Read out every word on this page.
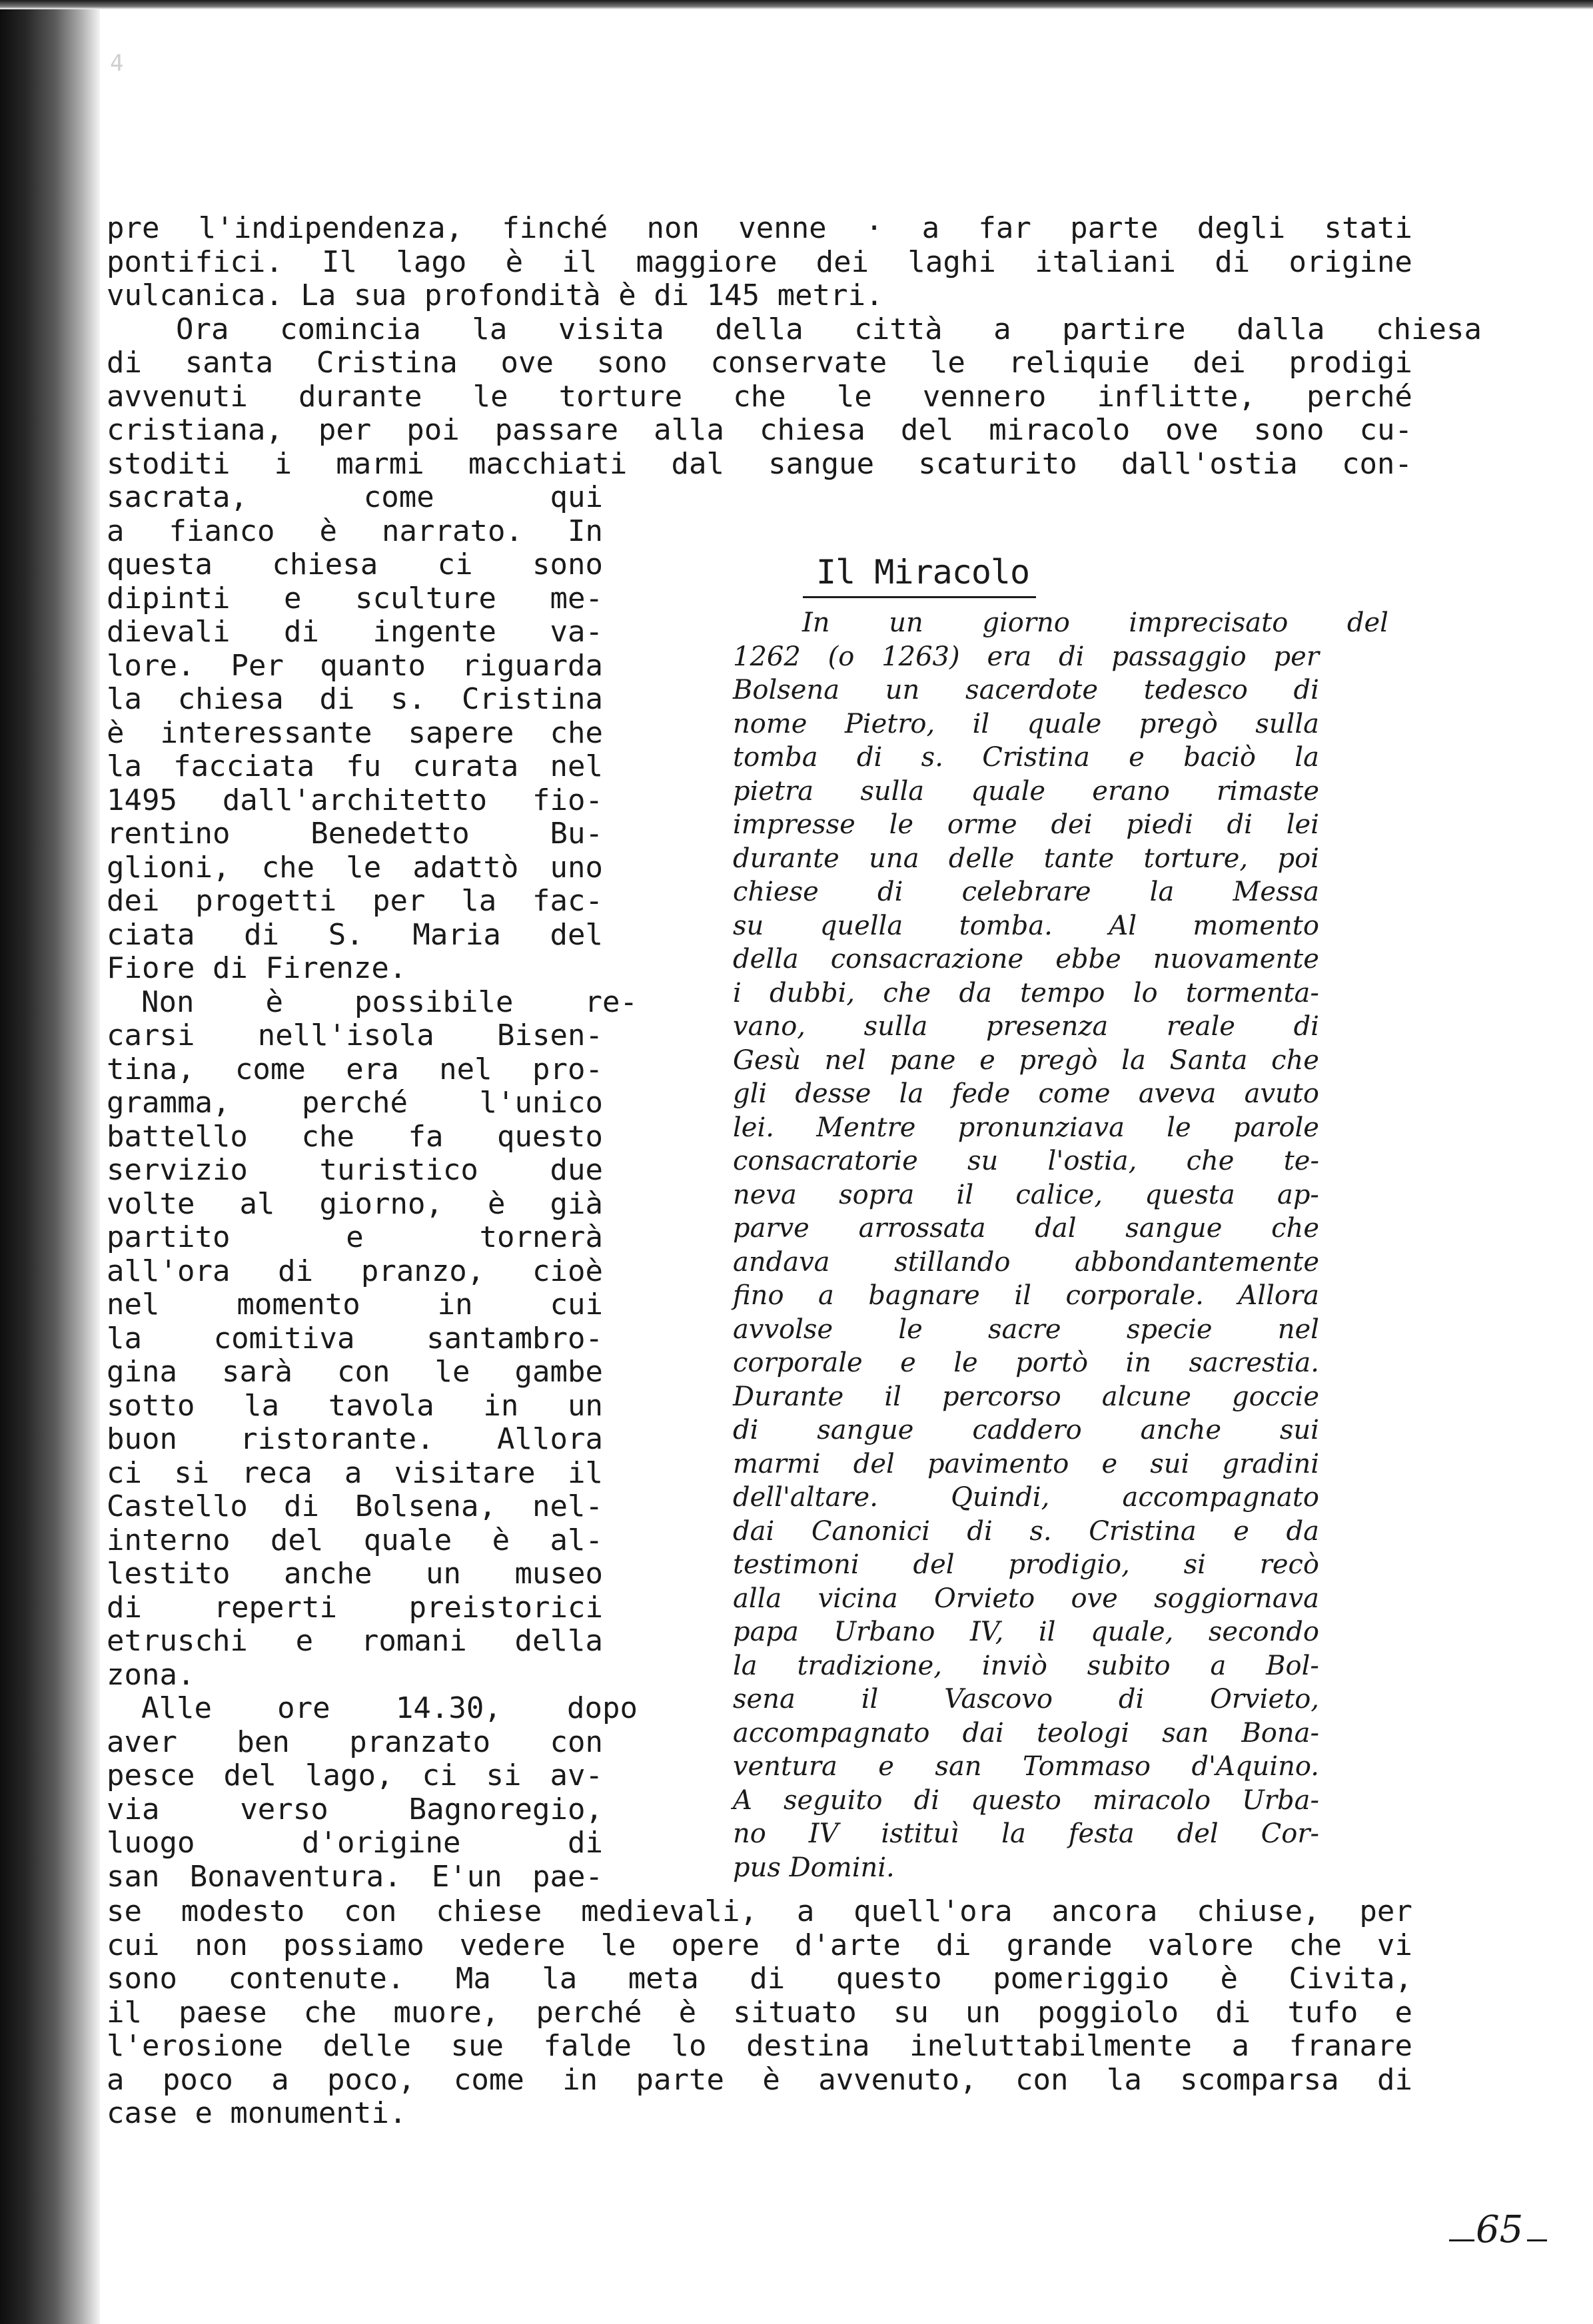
4
pre l'indipendenza, finché non venne · a far parte degli stati
pontifici. Il lago è il maggiore dei laghi italiani di origine
vulcanica. La sua profondità è di 145 metri.
Ora comincia la visita della città a partire dalla chiesa
di santa Cristina ove sono conservate le reliquie dei prodigi
avvenuti durante le torture che le vennero inflitte, perché
cristiana, per poi passare alla chiesa del miracolo ove sono cu-
stoditi i marmi macchiati dal sangue scaturito dall'ostia con-
sacrata,	come	qui
a fianco è narrato. In
questa chiesa ci sono
dipinti e sculture me-
dievali di ingente va-
lore. Per quanto riguarda
la chiesa di s. Cristina
è interessante sapere che
la facciata fu curata nel
1495 dall'architetto fio-
rentino	Benedetto	Bu-
glioni, che le adattò uno
dei progetti per la fac-
ciata di S. Maria del
Fiore di Firenze.
Non è possibile re-
carsi nell'isola Bisen-
tina, come era nel pro-
gramma, perché l'unico
battello che fa questo
servizio turistico due
volte al giorno, è già
partito	e	tornerà
all'ora di pranzo, cioè
nel	momento	in	cui
la comitiva santambro-
gina sarà con le gambe
sotto la tavola in un
buon ristorante. Allora
ci si reca a visitare il
Castello di Bolsena, nel-
interno del quale è al-
lestito anche un museo
di reperti preistorici
etruschi e romani della
zona.
Alle ore 14.30, dopo
aver ben pranzato con
pesce del lago, ci si av-
via	verso	Bagnoregio,
luogo	d'origine	di
san Bonaventura. E'un pae-
Il Miracolo
In un giorno imprecisato del
1262 (o 1263) era di passaggio per
Bolsena un sacerdote tedesco di
nome Pietro, il quale pregò sulla
tomba di s. Cristina e baciò la
pietra sulla quale erano rimaste
impresse le orme dei piedi di lei
durante una delle tante torture, poi
chiese di celebrare la Messa
su quella tomba. Al momento
della consacrazione ebbe nuovamente
i dubbi, che da tempo lo tormenta-
vano, sulla presenza reale di
Gesù nel pane e pregò la Santa che
gli desse la fede come aveva avuto
lei. Mentre pronunziava le parole
consacratorie su l'ostia, che te-
neva sopra il calice, questa ap-
parve arrossata dal sangue che
andava stillando abbondantemente
fino a bagnare il corporale. Allora
avvolse le sacre specie nel
corporale e le portò in sacrestia.
Durante il percorso alcune goccie
di sangue caddero anche sui
marmi del pavimento e sui gradini
dell'altare.	Quindi,	accompagnato
dai Canonici di s. Cristina e da
testimoni del prodigio, si recò
alla vicina Orvieto ove soggiornava
papa Urbano IV, il quale, secondo
la tradizione, inviò subito a Bol-
sena il Vascovo di Orvieto,
accompagnato dai teologi san Bona-
ventura e san Tommaso d'Aquino.
A seguito di questo miracolo Urba-
no IV istituì la festa del Cor-
pus Domini.
se modesto con chiese medievali, a quell'ora ancora chiuse, per
cui non possiamo vedere le opere d'arte di grande valore che vi
sono contenute. Ma la meta di questo pomeriggio è Civita,
il paese che muore, perché è situato su un poggiolo di tufo e
l'erosione delle sue falde lo destina ineluttabilmente a franare
a poco a poco, come in parte è avvenuto, con la scomparsa di
case e monumenti.
65
